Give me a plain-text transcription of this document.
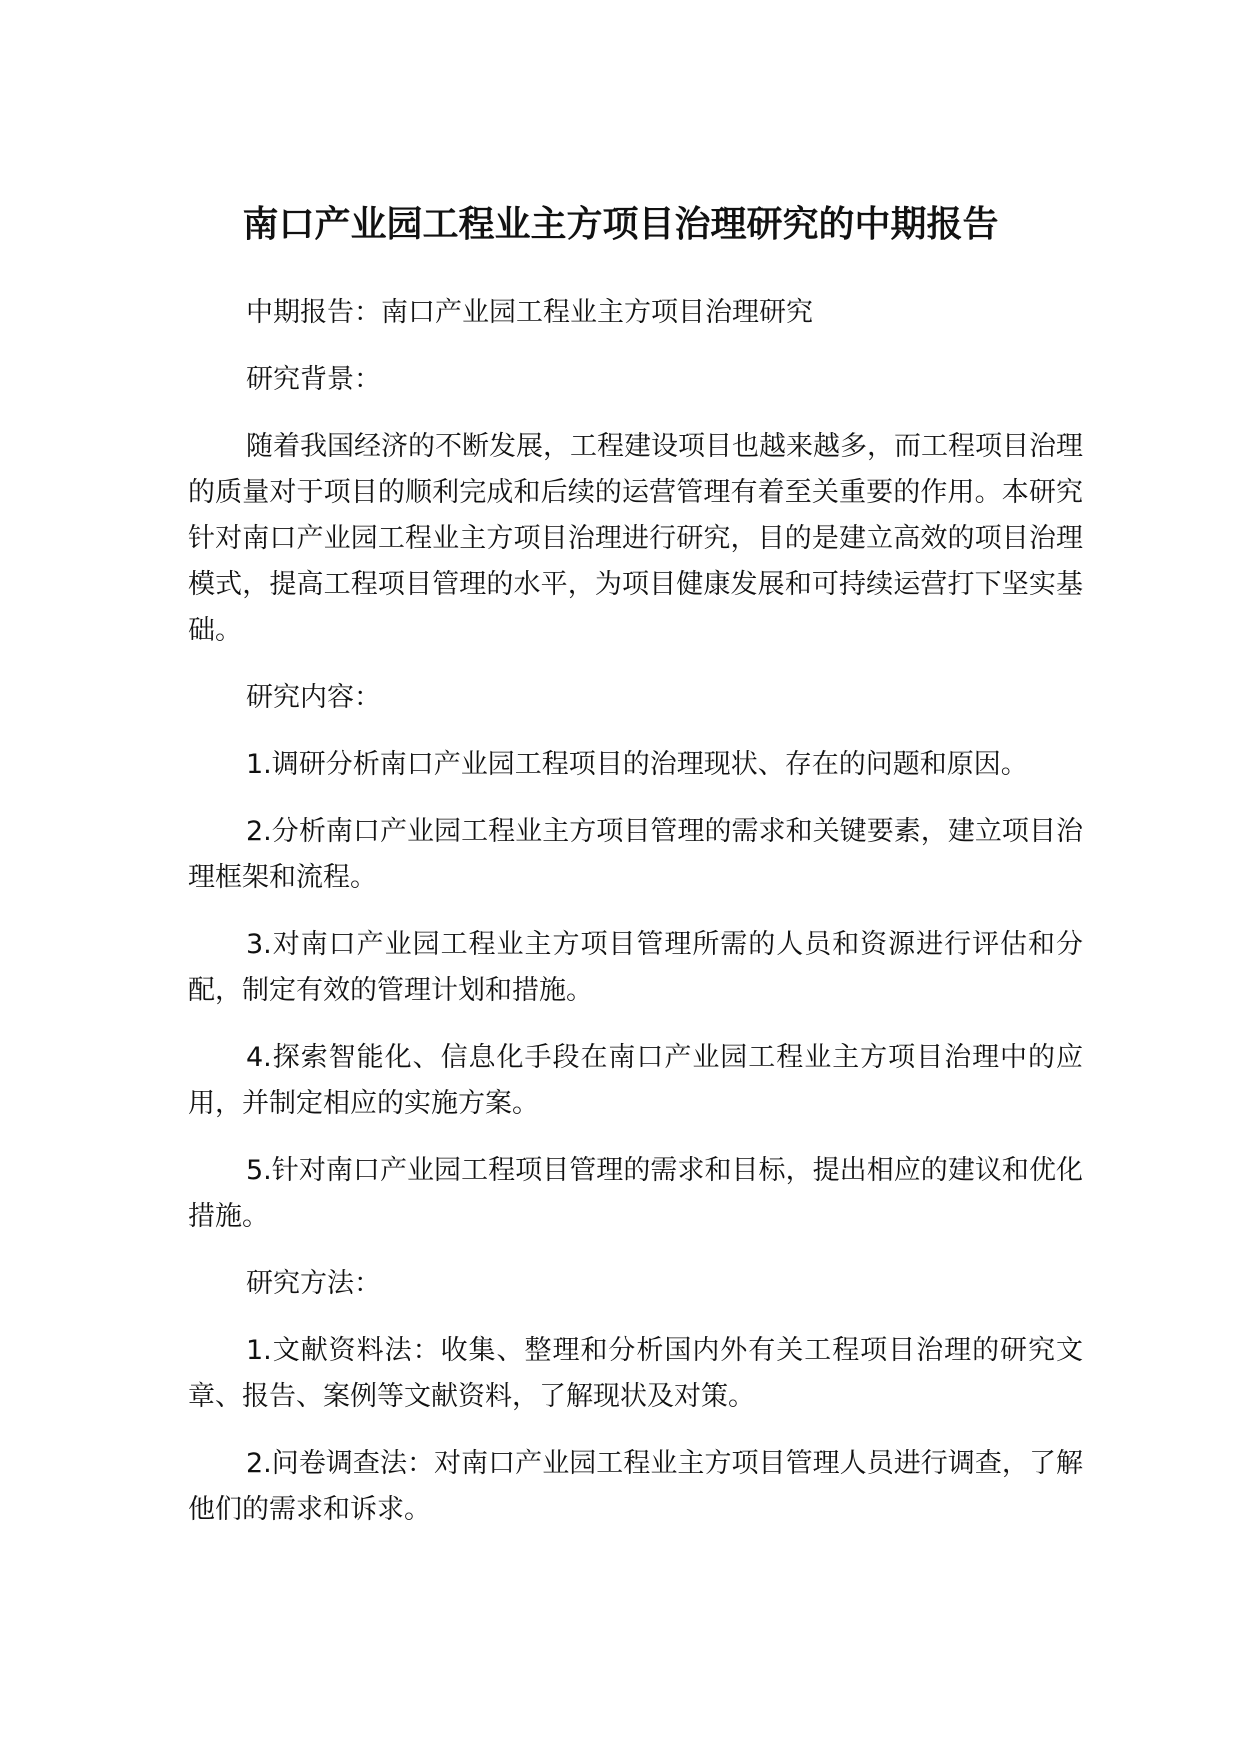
南口产业园工程业主方项目治理研究的中期报告

中期报告：南口产业园工程业主方项目治理研究

研究背景：

随着我国经济的不断发展，工程建设项目也越来越多，而工程项目治理的质量对于项目的顺利完成和后续的运营管理有着至关重要的作用。本研究针对南口产业园工程业主方项目治理进行研究，目的是建立高效的项目治理模式，提高工程项目管理的水平，为项目健康发展和可持续运营打下坚实基础。

研究内容：

1.调研分析南口产业园工程项目的治理现状、存在的问题和原因。

2.分析南口产业园工程业主方项目管理的需求和关键要素，建立项目治理框架和流程。

3.对南口产业园工程业主方项目管理所需的人员和资源进行评估和分配，制定有效的管理计划和措施。

4.探索智能化、信息化手段在南口产业园工程业主方项目治理中的应用，并制定相应的实施方案。

5.针对南口产业园工程项目管理的需求和目标，提出相应的建议和优化措施。

研究方法：

1.文献资料法：收集、整理和分析国内外有关工程项目治理的研究文章、报告、案例等文献资料，了解现状及对策。

2.问卷调查法：对南口产业园工程业主方项目管理人员进行调查，了解他们的需求和诉求。
